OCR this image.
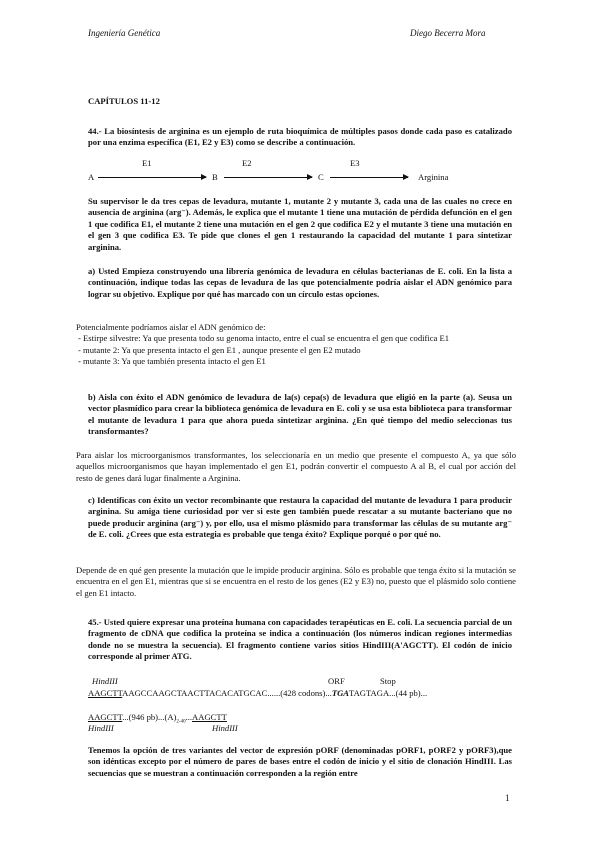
Ingeniería Genética	Diego Becerra Mora
CAPÍTULOS 11-12
44.- La biosíntesis de arginina es un ejemplo de ruta bioquímica de múltiples pasos donde cada paso es catalizado por una enzima específica (E1, E2 y E3) como se describe a continuación.
E1	E2	E3
A	B	C	Arginina
Su supervisor le da tres cepas de levadura, mutante 1, mutante 2 y mutante 3, cada una de las cuales no crece en ausencia de arginina (arg⁻). Además, le explica que el mutante 1 tiene una mutación de pérdida defunción en el gen 1 que codifica E1, el mutante 2 tiene una mutación en el gen 2 que codifica E2 y el mutante 3 tiene una mutación en el gen 3 que codifica E3. Te pide que clones el gen 1 restaurando la capacidad del mutante 1 para sintetizar arginina.
a) Usted Empieza construyendo una librería genómica de levadura en células bacterianas de E. coli. En la lista a continuación, indique todas las cepas de levadura de las que potencialmente podría aislar el ADN genómico para lograr su objetivo. Explique por qué has marcado con un círculo estas opciones.

Potencialmente podríamos aislar el ADN genómico de:

- Estirpe silvestre: Ya que presenta todo su genoma intacto, entre el cual se encuentra el gen que codifica E1

- mutante 2: Ya que presenta intacto el gen E1 , aunque presente el gen E2 mutado

- mutante 3: Ya que también presenta intacto el gen E1

b) Aisla con éxito el ADN genómico de levadura de la(s) cepa(s) de levadura que eligió en la parte (a). Seusa un vector plasmídico para crear la biblioteca genómica de levadura en E. coli y se usa esta biblioteca para transformar el mutante de levadura 1 para que ahora pueda sintetizar arginina. ¿En qué tiempo del medio seleccionas tus transformantes?
Para aislar los microorganismos transformantes, los seleccionaría en un medio que presente el compuesto A, ya que sólo aquellos microorganismos que hayan implementado el gen E1, podrán convertir el compuesto A al B, el cual por acción del resto de genes dará lugar finalmente a Arginina.
c) Identificas con éxito un vector recombinante que restaura la capacidad del mutante de levadura 1 para producir arginina. Su amiga tiene curiosidad por ver si este gen también puede rescatar a su mutante bacteriano que no puede producir arginina (arg⁻) y, por ello, usa el mismo plásmido para transformar las células de su mutante arg⁻ de E. coli. ¿Crees que esta estrategia es probable que tenga éxito? Explique porqué o por qué no.
Depende de en qué gen presente la mutación que le impide producir arginina. Sólo es probable que tenga éxito si la mutación se encuentra en el gen E1, mientras que si se encuentra en el resto de los genes (E2 y E3) no, puesto que el plásmido solo contiene el gen E1 intacto.
45.- Usted quiere expresar una proteína humana con capacidades terapéuticas en E. coli. La secuencia parcial de un fragmento de cDNA que codifica la proteína se indica a continuación (los números indican regiones intermedias donde no se muestra la secuencia). El fragmento contiene varios sitios HindIII(A'AGCTT). El codón de inicio corresponde al primer ATG.
HindIII	ORF	Stop
AAGCTTAAGCCAAGCTAACTTACACATGCAC......(428 codons)...TGATAGTAGA...(44 pb)...
AAGCTT...(946 $pb)...(A)_{2-40}...AAGCTT$
HindIII	HindIII
Tenemos la opción de tres variantes del vector de expresión pORF (denominadas pORF1, pORF2 y pORF3),que son idénticas excepto por el número de pares de bases entre el codón de inicio y el sitio de clonación HindIII. Las secuencias que se muestran a continuación corresponden a la región entre
1
